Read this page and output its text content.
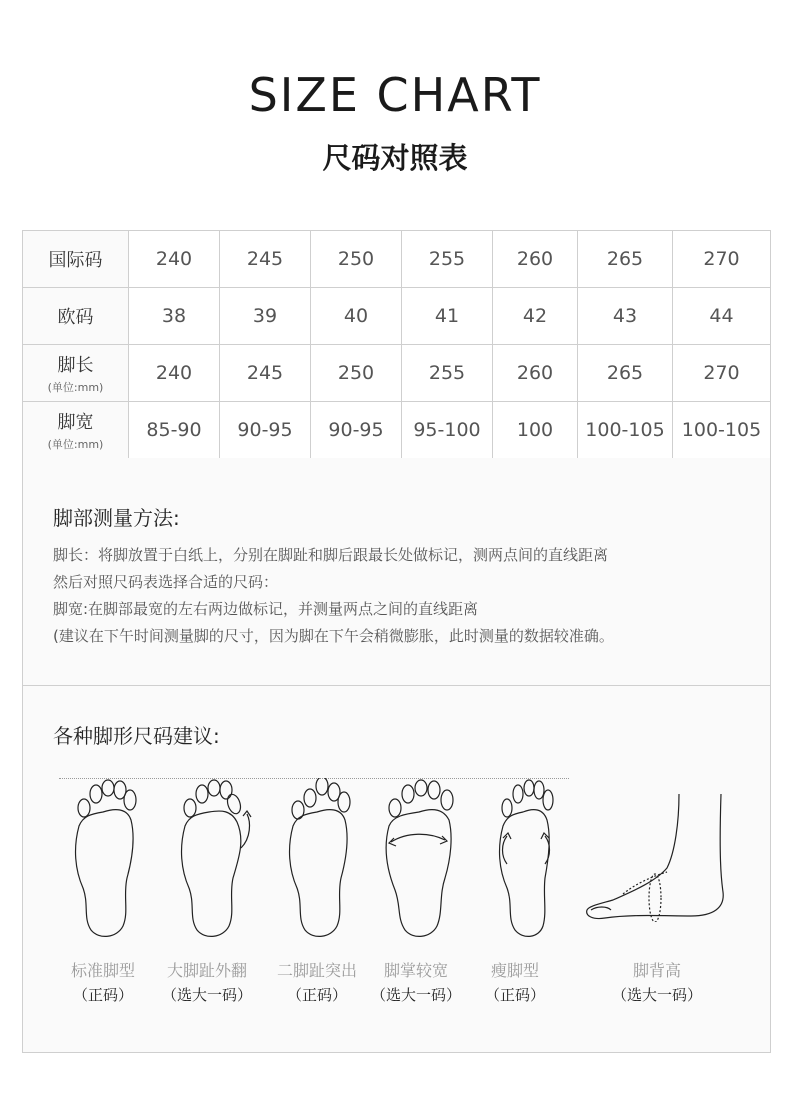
SIZE CHART
尺码对照表
国际码	240	245	250	255	260	265	270
欧码	38	39	40	41	42	43	44
脚长
(单位:mm)	240	245	250	255	260	265	270
脚宽
(单位:mm)	85-90	90-95	90-95	95-100	100	100-105	100-105
脚部测量方法:
脚长：将脚放置于白纸上，分别在脚趾和脚后跟最长处做标记，测两点间的直线距离
然后对照尺码表选择合适的尺码：
脚宽:在脚部最宽的左右两边做标记，并测量两点之间的直线距离
(建议在下午时间测量脚的尺寸，因为脚在下午会稍微膨胀，此时测量的数据较准确。
各种脚形尺码建议:
标准脚型
（正码）
大脚趾外翻
（选大一码）
二脚趾突出
（正码）
脚掌较宽
（选大一码）
瘦脚型
（正码）
脚背高
（选大一码）
